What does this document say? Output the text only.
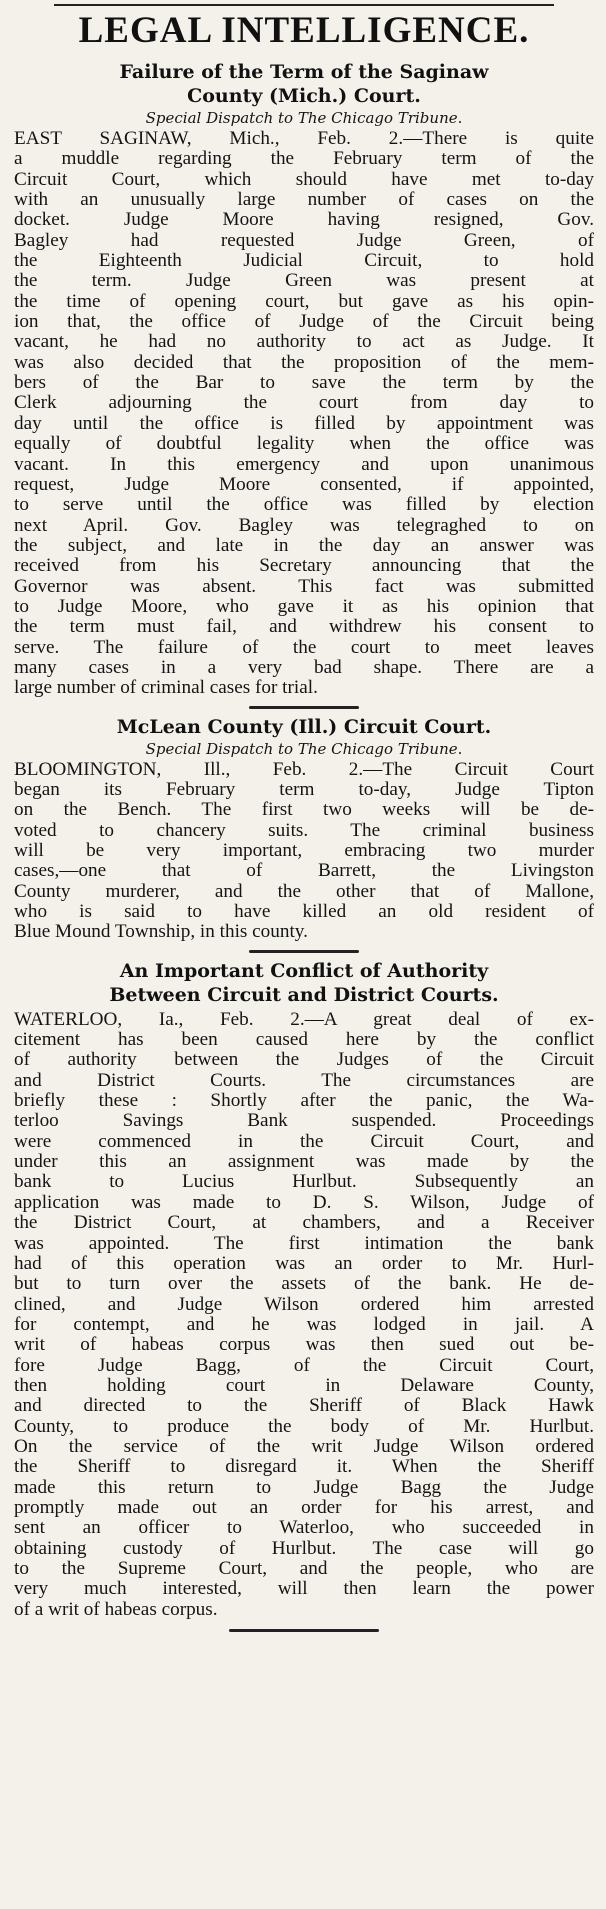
LEGAL INTELLIGENCE.
Failure of the Term of the Saginaw
County (Mich.) Court.
Special Dispatch to The Chicago Tribune.
EAST SAGINAW, Mich., Feb. 2.—There is quite
a muddle regarding the February term of the
Circuit Court, which should have met to-day
with an unusually large number of cases on the
docket. Judge Moore having resigned, Gov.
Bagley had requested Judge Green, of
the Eighteenth Judicial Circuit, to hold
the term. Judge Green was present at
the time of opening court, but gave as his opin-
ion that, the office of Judge of the Circuit being
vacant, he had no authority to act as Judge. It
was also decided that the proposition of the mem-
bers of the Bar to save the term by the
Clerk adjourning the court from day to
day until the office is filled by appointment was
equally of doubtful legality when the office was
vacant. In this emergency and upon unanimous
request, Judge Moore consented, if appointed,
to serve until the office was filled by election
next April. Gov. Bagley was telegraghed to on
the subject, and late in the day an answer was
received from his Secretary announcing that the
Governor was absent. This fact was submitted
to Judge Moore, who gave it as his opinion that
the term must fail, and withdrew his consent to
serve. The failure of the court to meet leaves
many cases in a very bad shape. There are a
large number of criminal cases for trial.
McLean County (Ill.) Circuit Court.
Special Dispatch to The Chicago Tribune.
BLOOMINGTON, Ill., Feb. 2.—The Circuit Court
began its February term to-day, Judge Tipton
on the Bench. The first two weeks will be de-
voted to chancery suits. The criminal business
will be very important, embracing two murder
cases,—one that of Barrett, the Livingston
County murderer, and the other that of Mallone,
who is said to have killed an old resident of
Blue Mound Township, in this county.
An Important Conflict of Authority
Between Circuit and District Courts.
WATERLOO, Ia., Feb. 2.—A great deal of ex-
citement has been caused here by the conflict
of authority between the Judges of the Circuit
and District Courts. The circumstances are
briefly these : Shortly after the panic, the Wa-
terloo Savings Bank suspended. Proceedings
were commenced in the Circuit Court, and
under this an assignment was made by the
bank to Lucius Hurlbut. Subsequently an
application was made to D. S. Wilson, Judge of
the District Court, at chambers, and a Receiver
was appointed. The first intimation the bank
had of this operation was an order to Mr. Hurl-
but to turn over the assets of the bank. He de-
clined, and Judge Wilson ordered him arrested
for contempt, and he was lodged in jail. A
writ of habeas corpus was then sued out be-
fore Judge Bagg, of the Circuit Court,
then holding court in Delaware County,
and directed to the Sheriff of Black Hawk
County, to produce the body of Mr. Hurlbut.
On the service of the writ Judge Wilson ordered
the Sheriff to disregard it. When the Sheriff
made this return to Judge Bagg the Judge
promptly made out an order for his arrest, and
sent an officer to Waterloo, who succeeded in
obtaining custody of Hurlbut. The case will go
to the Supreme Court, and the people, who are
very much interested, will then learn the power
of a writ of habeas corpus.
